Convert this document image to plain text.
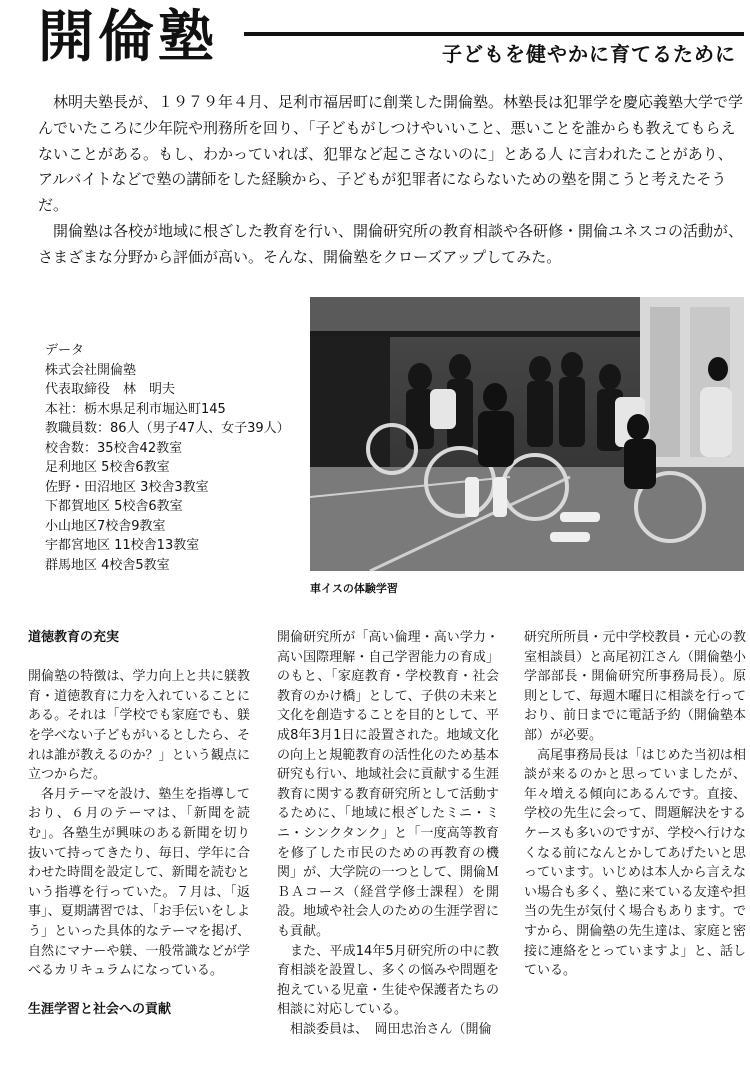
開倫塾	子どもを健やかに育てるために

林明夫塾長が、１９７９年４月、足利市福居町に創業した開倫塾。林塾長は犯罪学を慶応義塾大学で学んでいたころに少年院や刑務所を回り、「子どもがしつけやいいこと、悪いことを誰からも教えてもらえないことがある。もし、わかっていれば、犯罪など起こさないのに」とある人 に言われたことがあり、アルバイトなどで塾の講師をした経験から、子どもが犯罪者にならないための塾を開こうと考えたそうだ。

開倫塾は各校が地域に根ざした教育を行い、開倫研究所の教育相談や各研修・開倫ユネスコの活動が、さまざまな分野から評価が高い。そんな、開倫塾をクローズアップしてみた。

データ
株式会社開倫塾
代表取締役　林　明夫
本社：栃木県足利市堀込町145
教職員数：86人（男子47人、女子39人）
校舎数：35校舎42教室
足利地区 5校舎6教室
佐野・田沼地区 3校舎3教室
下都賀地区 5校舎6教室
小山地区7校舎9教室
宇都宮地区 11校舎13教室
群馬地区 4校舎5教室
車イスの体験学習

道徳教育の充実

開倫塾の特徴は、学力向上と共に躾教育・道徳教育に力を入れていることにある。それは「学校でも家庭でも、躾を学べない子どもがいるとしたら、それは誰が教えるのか？」という観点に立つからだ。

各月テーマを設け、塾生を指導しており、６月のテーマは、「新聞を読む」。各塾生が興味のある新聞を切り抜いて持ってきたり、毎日、学年に合わせた時間を設定して、新聞を読むという指導を行っていた。７月は、「返事」、夏期講習では、「お手伝いをしよう」といった具体的なテーマを掲げ、自然にマナーや躾、一般常識などが学べるカリキュラムになっている。

生涯学習と社会への貢献

開倫研究所が「高い倫理・高い学力・高い国際理解・自己学習能力の育成」のもと、「家庭教育・学校教育・社会教育のかけ橋」として、子供の未来と文化を創造することを目的として、平成8年3月1日に設置された。地域文化の向上と規範教育の活性化のため基本研究も行い、地域社会に貢献する生涯教育に関する教育研究所として活動するために、「地域に根ざしたミニ・ミニ・シンクタンク」と「一度高等教育を修了した市民のための再教育の機関」が、大学院の一つとして、開倫ＭＢＡコース（経営学修士課程）を開設。地域や社会人のための生涯学習にも貢献。

また、平成14年5月研究所の中に教育相談を設置し、多くの悩みや問題を抱えている児童・生徒や保護者たちの相談に対応している。

相談委員は、　岡田忠治さん（開倫

研究所所員・元中学校教員・元心の教室相談員）と高尾初江さん（開倫塾小学部部長・開倫研究所事務局長）。原則として、毎週木曜日に相談を行っており、前日までに電話予約（開倫塾本部）が必要。

高尾事務局長は「はじめた当初は相談が来るのかと思っていましたが、年々増える傾向にあるんです。直接、学校の先生に会って、問題解決をするケースも多いのですが、学校へ行けなくなる前になんとかしてあげたいと思っています。いじめは本人から言えない場合も多く、塾に来ている友達や担当の先生が気付く場合もあります。ですから、開倫塾の先生達は、家庭と密接に連絡をとっていますよ」と、話している。
